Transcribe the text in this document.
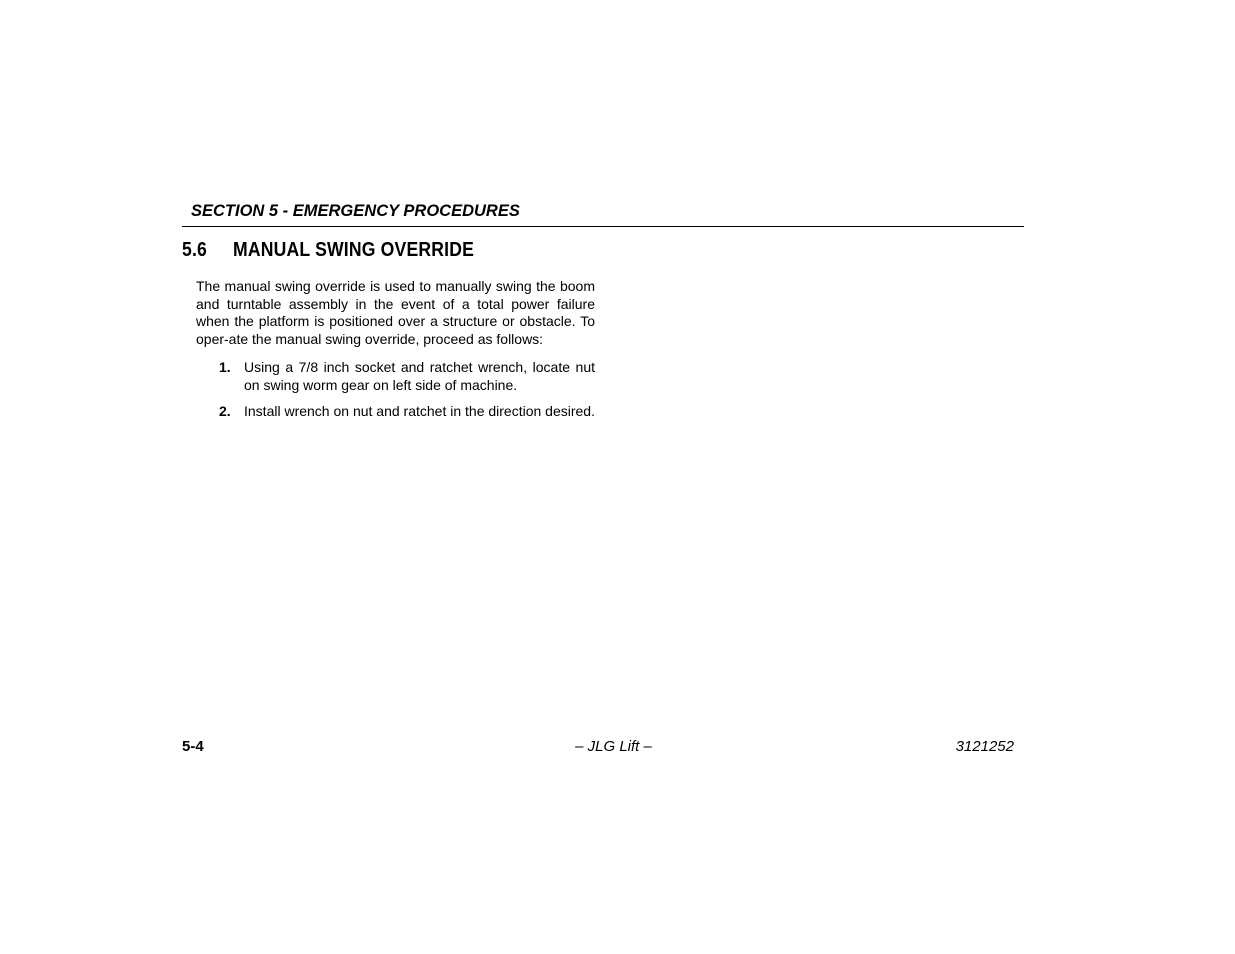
SECTION 5 - EMERGENCY PROCEDURES
5.6 MANUAL SWING OVERRIDE

The manual swing override is used to manually swing the boom and turntable assembly in the event of a total power failure when the platform is positioned over a structure or obstacle. To oper-ate the manual swing override, proceed as follows:

1. Using a 7/8 inch socket and ratchet wrench, locate nut on swing worm gear on left side of machine.
2. Install wrench on nut and ratchet in the direction desired.
5-4	– JLG Lift –	3121252
